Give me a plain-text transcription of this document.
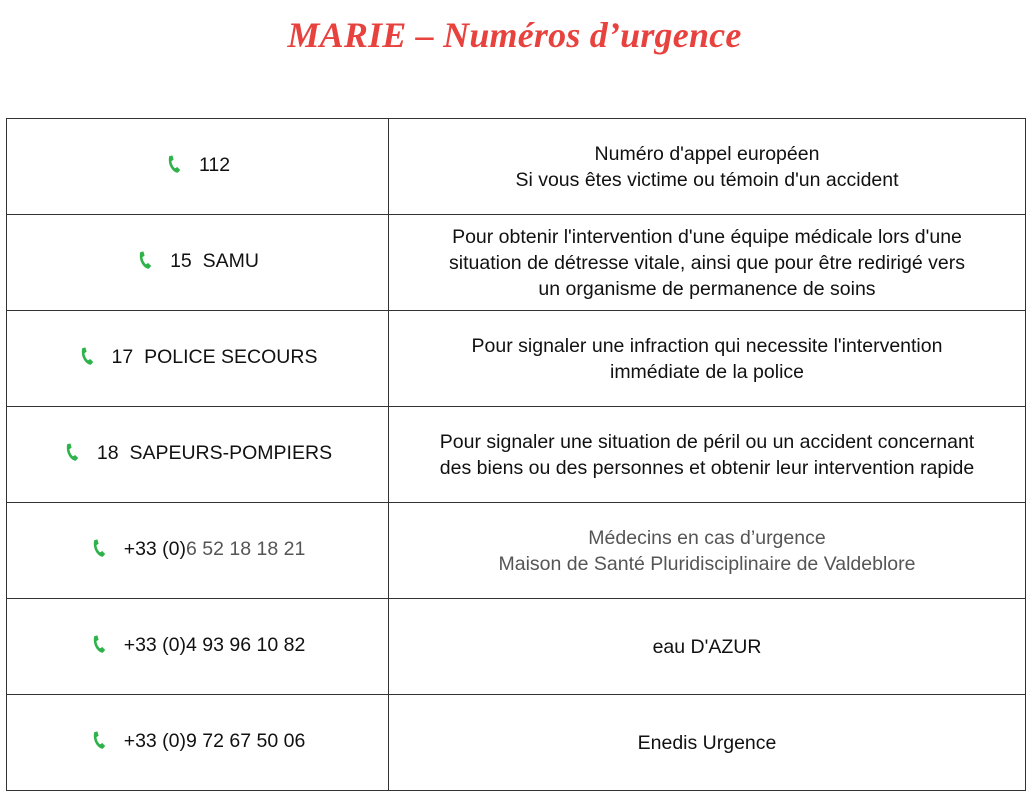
MARIE – Numéros d’urgence
112	Numéro d'appel européen
Si vous êtes victime ou témoin d'un accident

15  SAMU	Pour obtenir l'intervention d'une équipe médicale lors d'une
situation de détresse vitale, ainsi que pour être redirigé vers
un organisme de permanence de soins

17  POLICE SECOURS	Pour signaler une infraction qui necessite l'intervention
immédiate de la police

18  SAPEURS-POMPIERS	Pour signaler une situation de péril ou un accident concernant
des biens ou des personnes et obtenir leur intervention rapide

+33 (0)6 52 18 18 21	Médecins en cas d’urgence
Maison de Santé Pluridisciplinaire de Valdeblore

+33 (0)4 93 96 10 82	eau D'AZUR

+33 (0)9 72 67 50 06	Enedis Urgence
